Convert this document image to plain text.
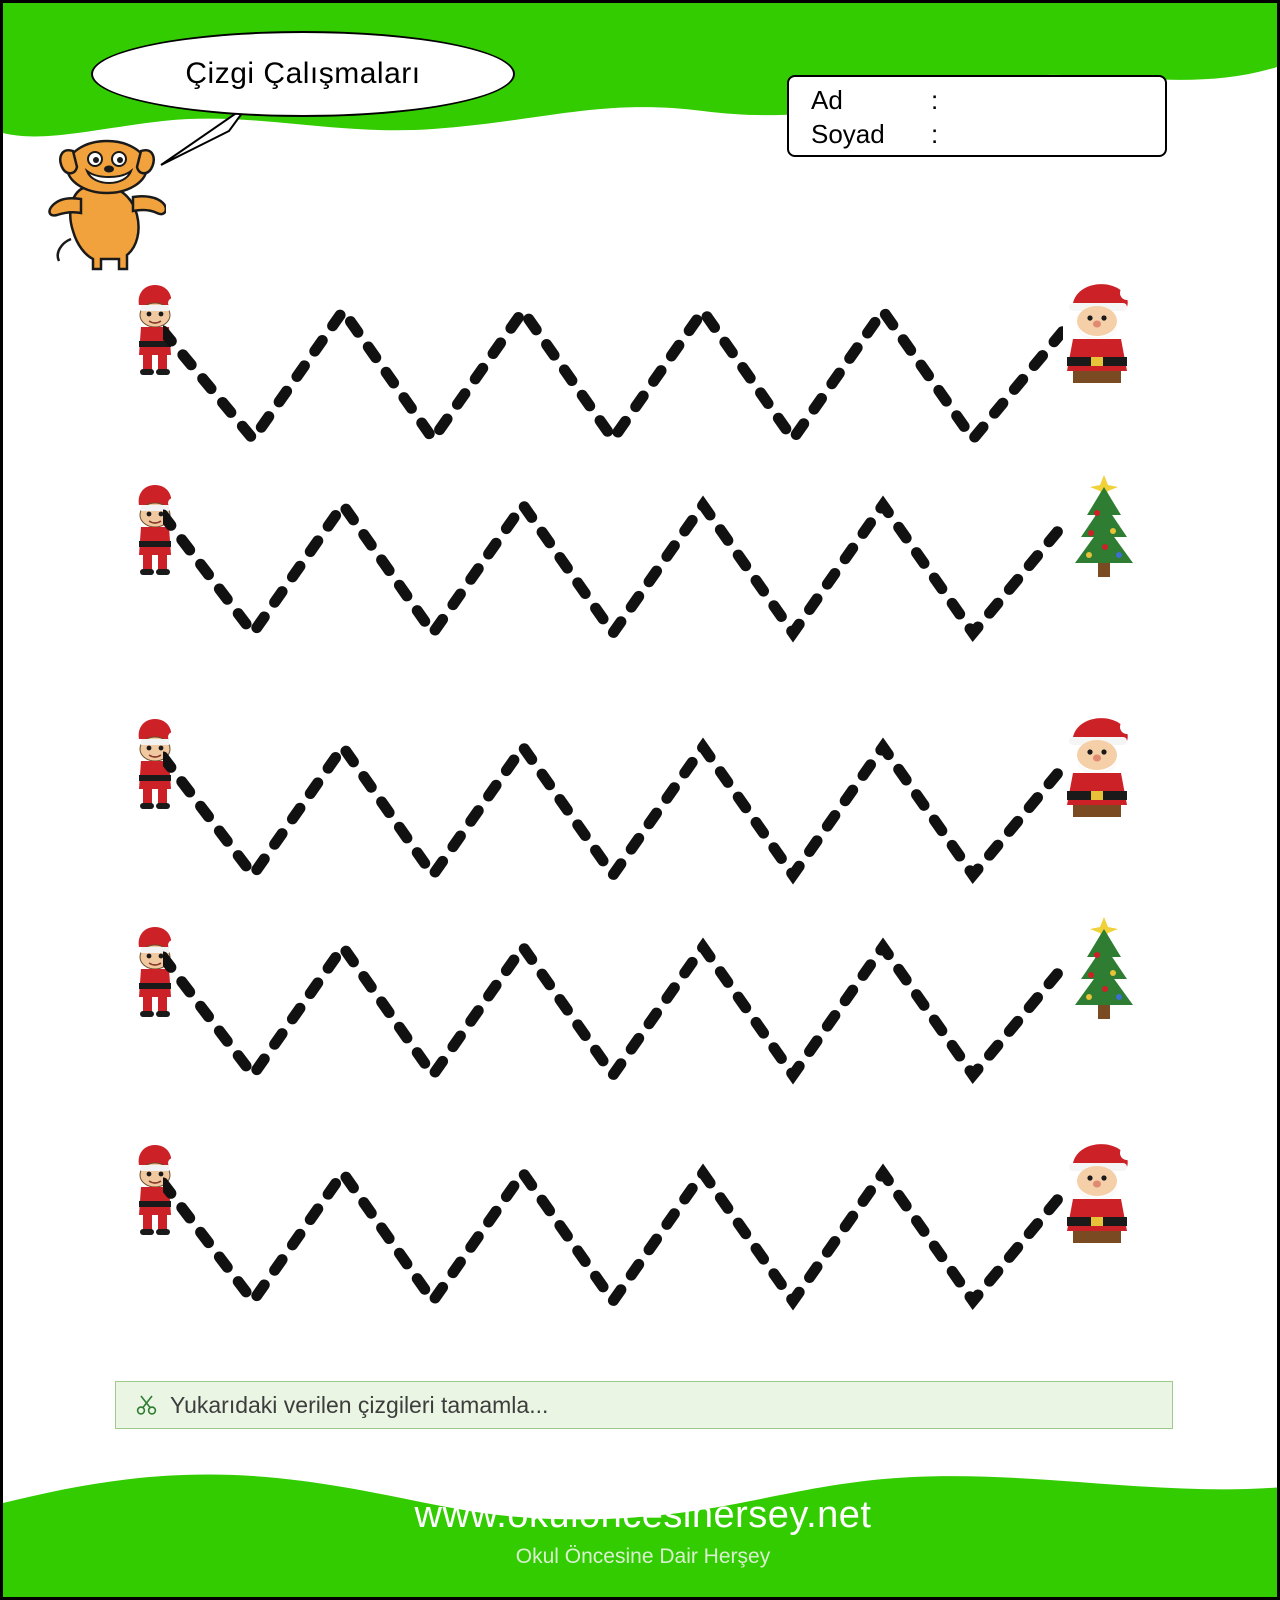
Çizgi Çalışmaları
Ad	:
Soyad	:
Yukarıdaki verilen çizgileri tamamla...
www.okuloncesihersey.net
Okul Öncesine Dair Herşey
